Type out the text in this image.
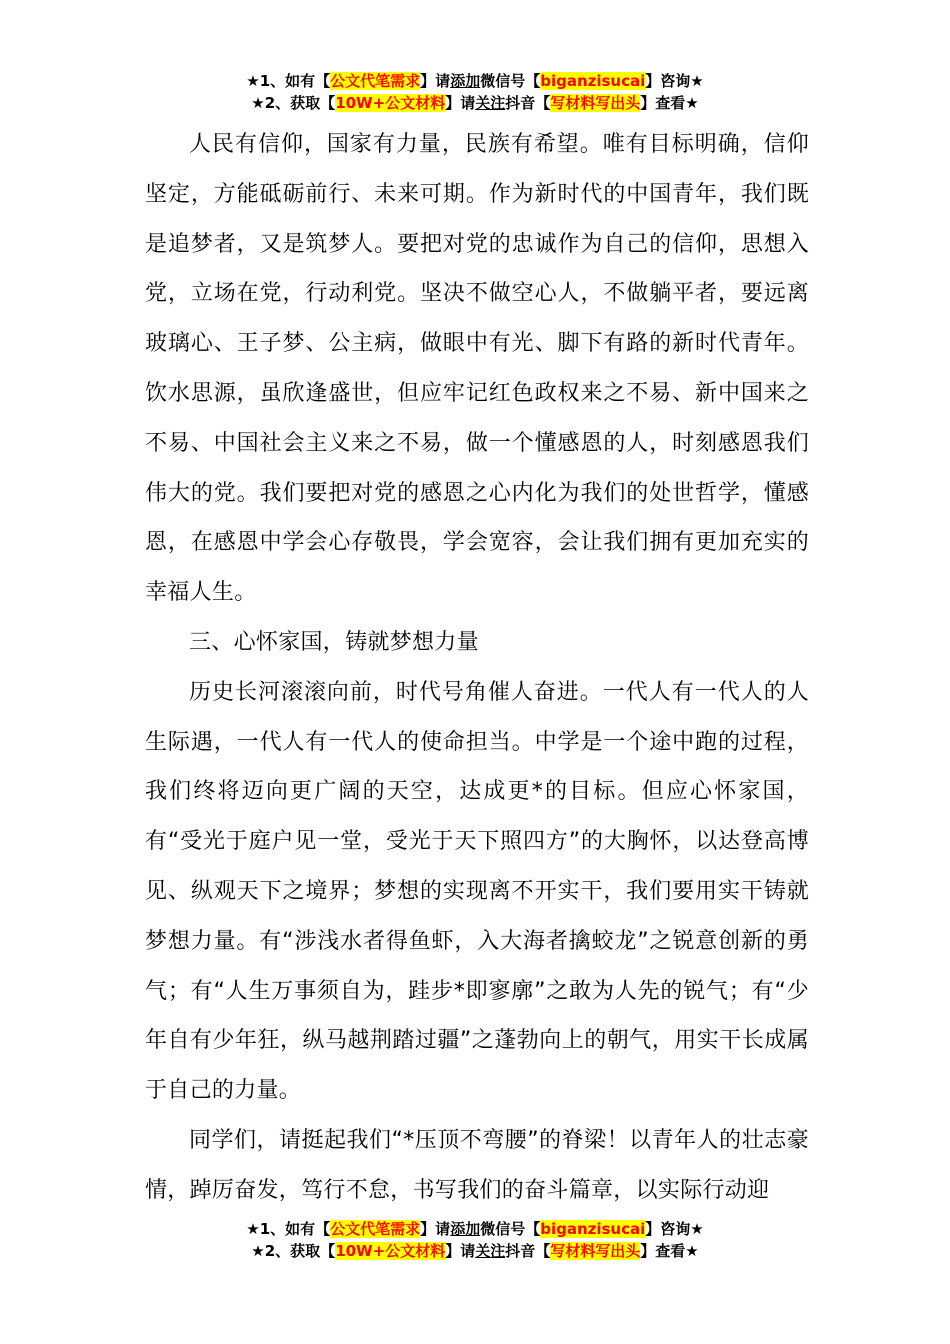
★1、如有【公文代笔需求】请添加微信号【biganzisucai】咨询★
★2、获取【10W+公文材料】请关注抖音【写材料写出头】查看★

人民有信仰，国家有力量，民族有希望。唯有目标明确，信仰坚定，方能砥砺前行、未来可期。作为新时代的中国青年，我们既是追梦者，又是筑梦人。要把对党的忠诚作为自己的信仰，思想入党，立场在党，行动利党。坚决不做空心人，不做躺平者，要远离玻璃心、王子梦、公主病，做眼中有光、脚下有路的新时代青年。饮水思源，虽欣逢盛世，但应牢记红色政权来之不易、新中国来之不易、中国社会主义来之不易，做一个懂感恩的人，时刻感恩我们伟大的党。我们要把对党的感恩之心内化为我们的处世哲学，懂感恩，在感恩中学会心存敬畏，学会宽容，会让我们拥有更加充实的幸福人生。

三、心怀家国，铸就梦想力量

历史长河滚滚向前，时代号角催人奋进。一代人有一代人的人生际遇，一代人有一代人的使命担当。中学是一个途中跑的过程，我们终将迈向更广阔的天空，达成更*的目标。但应心怀家国，有“受光于庭户见一堂，受光于天下照四方”的大胸怀，以达登高博见、纵观天下之境界；梦想的实现离不开实干，我们要用实干铸就梦想力量。有“涉浅水者得鱼虾，入大海者擒蛟龙”之锐意创新的勇气；有“人生万事须自为，跬步*即寥廓”之敢为人先的锐气；有“少年自有少年狂，纵马越荆踏过疆”之蓬勃向上的朝气，用实干长成属于自己的力量。

同学们，请挺起我们“*压顶不弯腰”的脊梁！以青年人的壮志豪情，踔厉奋发，笃行不怠，书写我们的奋斗篇章，以实际行动迎

★1、如有【公文代笔需求】请添加微信号【biganzisucai】咨询★
★2、获取【10W+公文材料】请关注抖音【写材料写出头】查看★
